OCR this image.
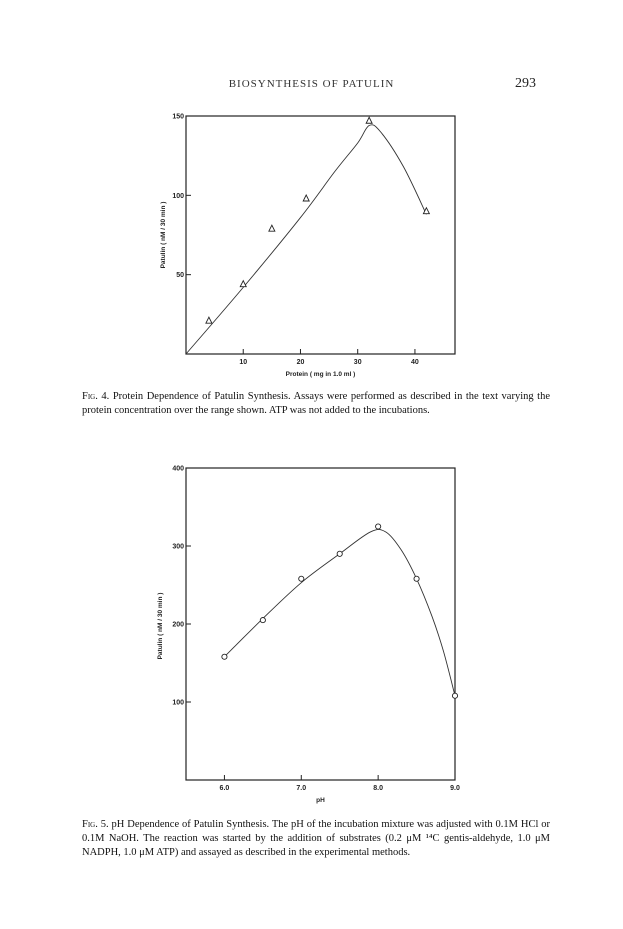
BIOSYNTHESIS OF PATULIN	293
10	20	30	40
50
100
150
Protein ( mg in 1.0 ml )
Patulin ( nM / 30 min )
Fig. 4. Protein Dependence of Patulin Synthesis. Assays were performed as described in the text varying the protein concentration over the range shown. ATP was not added to the incubations.
6.0	7.0	8.0	9.0
100
200
300
400
pH
Patulin ( nM / 30 min )
Fig. 5. pH Dependence of Patulin Synthesis. The pH of the incubation mixture was adjusted with 0.1M HCl or 0.1M NaOH. The reaction was started by the addition of substrates (0.2 μM ¹⁴C gentis-aldehyde, 1.0 μM NADPH, 1.0 μM ATP) and assayed as described in the experimental methods.
